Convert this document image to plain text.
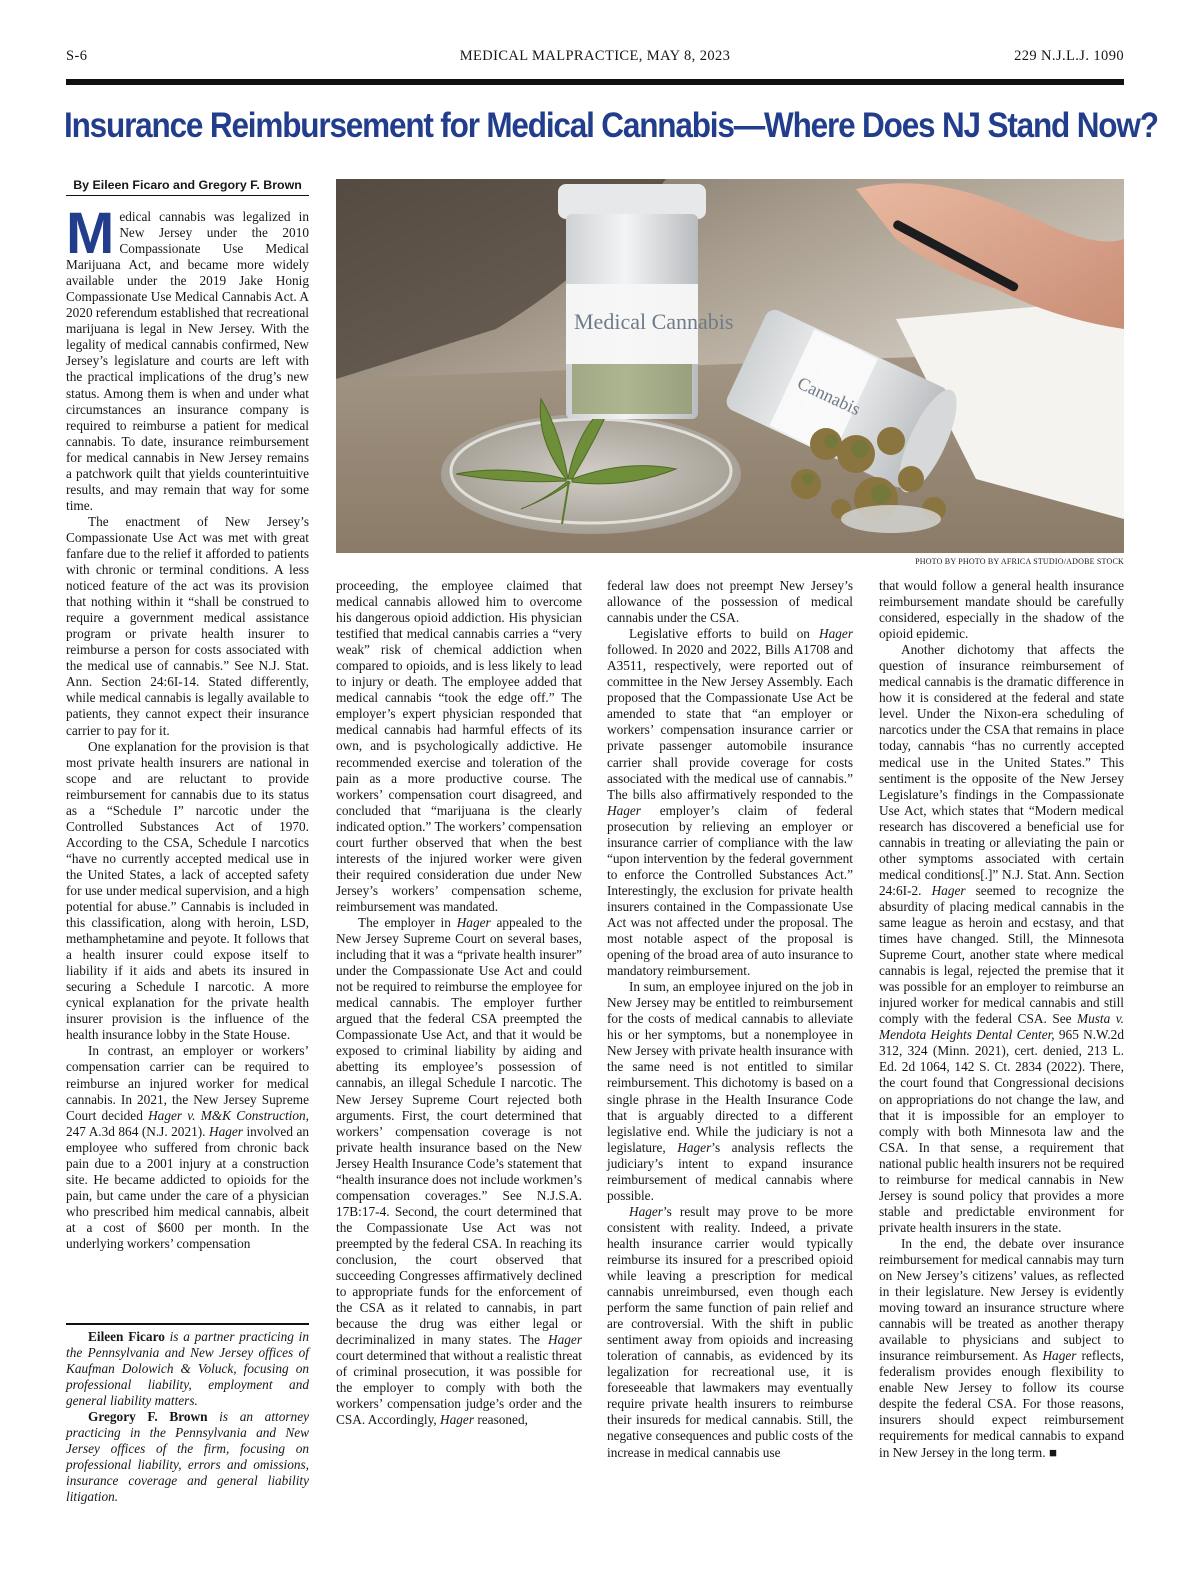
S-6	MEDICAL MALPRACTICE, MAY 8, 2023	229 N.J.L.J. 1090
Insurance Reimbursement for Medical Cannabis—Where Does NJ Stand Now?
By Eileen Ficaro and Gregory F. Brown

Medical cannabis was legalized in New Jersey under the 2010 Compassionate Use Medical Marijuana Act, and became more widely available under the 2019 Jake Honig Compassionate Use Medical Cannabis Act. A 2020 referendum established that recreational marijuana is legal in New Jersey. With the legality of medical cannabis confirmed, New Jersey’s legislature and courts are left with the practical implications of the drug’s new status. Among them is when and under what circumstances an insurance company is required to reimburse a patient for medical cannabis. To date, insurance reimbursement for medical cannabis in New Jersey remains a patchwork quilt that yields counterintuitive results, and may remain that way for some time.

The enactment of New Jersey’s Compassionate Use Act was met with great fanfare due to the relief it afforded to patients with chronic or terminal conditions. A less noticed feature of the act was its provision that nothing within it “shall be construed to require a government medical assistance program or private health insurer to reimburse a person for costs associated with the medical use of cannabis.” See N.J. Stat. Ann. Section 24:6I-14. Stated differently, while medical cannabis is legally available to patients, they cannot expect their insurance carrier to pay for it.

One explanation for the provision is that most private health insurers are national in scope and are reluctant to provide reimbursement for cannabis due to its status as a “Schedule I” narcotic under the Controlled Substances Act of 1970. According to the CSA, Schedule I narcotics “have no currently accepted medical use in the United States, a lack of accepted safety for use under medical supervision, and a high potential for abuse.” Cannabis is included in this classification, along with heroin, LSD, methamphetamine and peyote. It follows that a health insurer could expose itself to liability if it aids and abets its insured in securing a Schedule I narcotic. A more cynical explanation for the private health insurer provision is the influence of the health insurance lobby in the State House.

In contrast, an employer or workers’ compensation carrier can be required to reimburse an injured worker for medical cannabis. In 2021, the New Jersey Supreme Court decided Hager v. M&K Construction, 247 A.3d 864 (N.J. 2021). Hager involved an employee who suffered from chronic back pain due to a 2001 injury at a construction site. He became addicted to opioids for the pain, but came under the care of a physician who prescribed him medical cannabis, albeit at a cost of $600 per month. In the underlying workers’ compensation

Eileen Ficaro is a partner practicing in the Pennsylvania and New Jersey offices of Kaufman Dolowich & Voluck, focusing on professional liability, employment and general liability matters.

Gregory F. Brown is an attorney practicing in the Pennsylvania and New Jersey offices of the firm, focusing on professional liability, errors and omissions, insurance coverage and general liability litigation.

Medical Cannabis
Cannabis
PHOTO BY PHOTO BY AFRICA STUDIO/ADOBE STOCK

proceeding, the employee claimed that medical cannabis allowed him to overcome his dangerous opioid addiction. His physician testified that medical cannabis carries a “very weak” risk of chemical addiction when compared to opioids, and is less likely to lead to injury or death. The employee added that medical cannabis “took the edge off.” The employer’s expert physician responded that medical cannabis had harmful effects of its own, and is psychologically addictive. He recommended exercise and toleration of the pain as a more productive course. The workers’ compensation court disagreed, and concluded that “marijuana is the clearly indicated option.” The workers’ compensation court further observed that when the best interests of the injured worker were given their required consideration due under New Jersey’s workers’ compensation scheme, reimbursement was mandated.

The employer in Hager appealed to the New Jersey Supreme Court on several bases, including that it was a “private health insurer” under the Compassionate Use Act and could not be required to reimburse the employee for medical cannabis. The employer further argued that the federal CSA preempted the Compassionate Use Act, and that it would be exposed to criminal liability by aiding and abetting its employee’s possession of cannabis, an illegal Schedule I narcotic. The New Jersey Supreme Court rejected both arguments. First, the court determined that workers’ compensation coverage is not private health insurance based on the New Jersey Health Insurance Code’s statement that “health insurance does not include workmen’s compensation coverages.” See N.J.S.A. 17B:17-4. Second, the court determined that the Compassionate Use Act was not preempted by the federal CSA. In reaching its conclusion, the court observed that succeeding Congresses affirmatively declined to appropriate funds for the enforcement of the CSA as it related to cannabis, in part because the drug was either legal or decriminalized in many states. The Hager court determined that without a realistic threat of criminal prosecution, it was possible for the employer to comply with both the workers’ compensation judge’s order and the CSA. Accordingly, Hager reasoned,

federal law does not preempt New Jersey’s allowance of the possession of medical cannabis under the CSA.

Legislative efforts to build on Hager followed. In 2020 and 2022, Bills A1708 and A3511, respectively, were reported out of committee in the New Jersey Assembly. Each proposed that the Compassionate Use Act be amended to state that “an employer or workers’ compensation insurance carrier or private passenger automobile insurance carrier shall provide coverage for costs associated with the medical use of cannabis.” The bills also affirmatively responded to the Hager employer’s claim of federal prosecution by relieving an employer or insurance carrier of compliance with the law “upon intervention by the federal government to enforce the Controlled Substances Act.” Interestingly, the exclusion for private health insurers contained in the Compassionate Use Act was not affected under the proposal. The most notable aspect of the proposal is opening of the broad area of auto insurance to mandatory reimbursement.

In sum, an employee injured on the job in New Jersey may be entitled to reimbursement for the costs of medical cannabis to alleviate his or her symptoms, but a nonemployee in New Jersey with private health insurance with the same need is not entitled to similar reimbursement. This dichotomy is based on a single phrase in the Health Insurance Code that is arguably directed to a different legislative end. While the judiciary is not a legislature, Hager’s analysis reflects the judiciary’s intent to expand insurance reimbursement of medical cannabis where possible.

Hager’s result may prove to be more consistent with reality. Indeed, a private health insurance carrier would typically reimburse its insured for a prescribed opioid while leaving a prescription for medical cannabis unreimbursed, even though each perform the same function of pain relief and are controversial. With the shift in public sentiment away from opioids and increasing toleration of cannabis, as evidenced by its legalization for recreational use, it is foreseeable that lawmakers may eventually require private health insurers to reimburse their insureds for medical cannabis. Still, the negative consequences and public costs of the increase in medical cannabis use

that would follow a general health insurance reimbursement mandate should be carefully considered, especially in the shadow of the opioid epidemic.

Another dichotomy that affects the question of insurance reimbursement of medical cannabis is the dramatic difference in how it is considered at the federal and state level. Under the Nixon-era scheduling of narcotics under the CSA that remains in place today, cannabis “has no currently accepted medical use in the United States.” This sentiment is the opposite of the New Jersey Legislature’s findings in the Compassionate Use Act, which states that “Modern medical research has discovered a beneficial use for cannabis in treating or alleviating the pain or other symptoms associated with certain medical conditions[.]” N.J. Stat. Ann. Section 24:6I-2. Hager seemed to recognize the absurdity of placing medical cannabis in the same league as heroin and ecstasy, and that times have changed. Still, the Minnesota Supreme Court, another state where medical cannabis is legal, rejected the premise that it was possible for an employer to reimburse an injured worker for medical cannabis and still comply with the federal CSA. See Musta v. Mendota Heights Dental Center, 965 N.W.2d 312, 324 (Minn. 2021), cert. denied, 213 L. Ed. 2d 1064, 142 S. Ct. 2834 (2022). There, the court found that Congressional decisions on appropriations do not change the law, and that it is impossible for an employer to comply with both Minnesota law and the CSA. In that sense, a requirement that national public health insurers not be required to reimburse for medical cannabis in New Jersey is sound policy that provides a more stable and predictable environment for private health insurers in the state.

In the end, the debate over insurance reimbursement for medical cannabis may turn on New Jersey’s citizens’ values, as reflected in their legislature. New Jersey is evidently moving toward an insurance structure where cannabis will be treated as another therapy available to physicians and subject to insurance reimbursement. As Hager reflects, federalism provides enough flexibility to enable New Jersey to follow its course despite the federal CSA. For those reasons, insurers should expect reimbursement requirements for medical cannabis to expand in New Jersey in the long term. ■
